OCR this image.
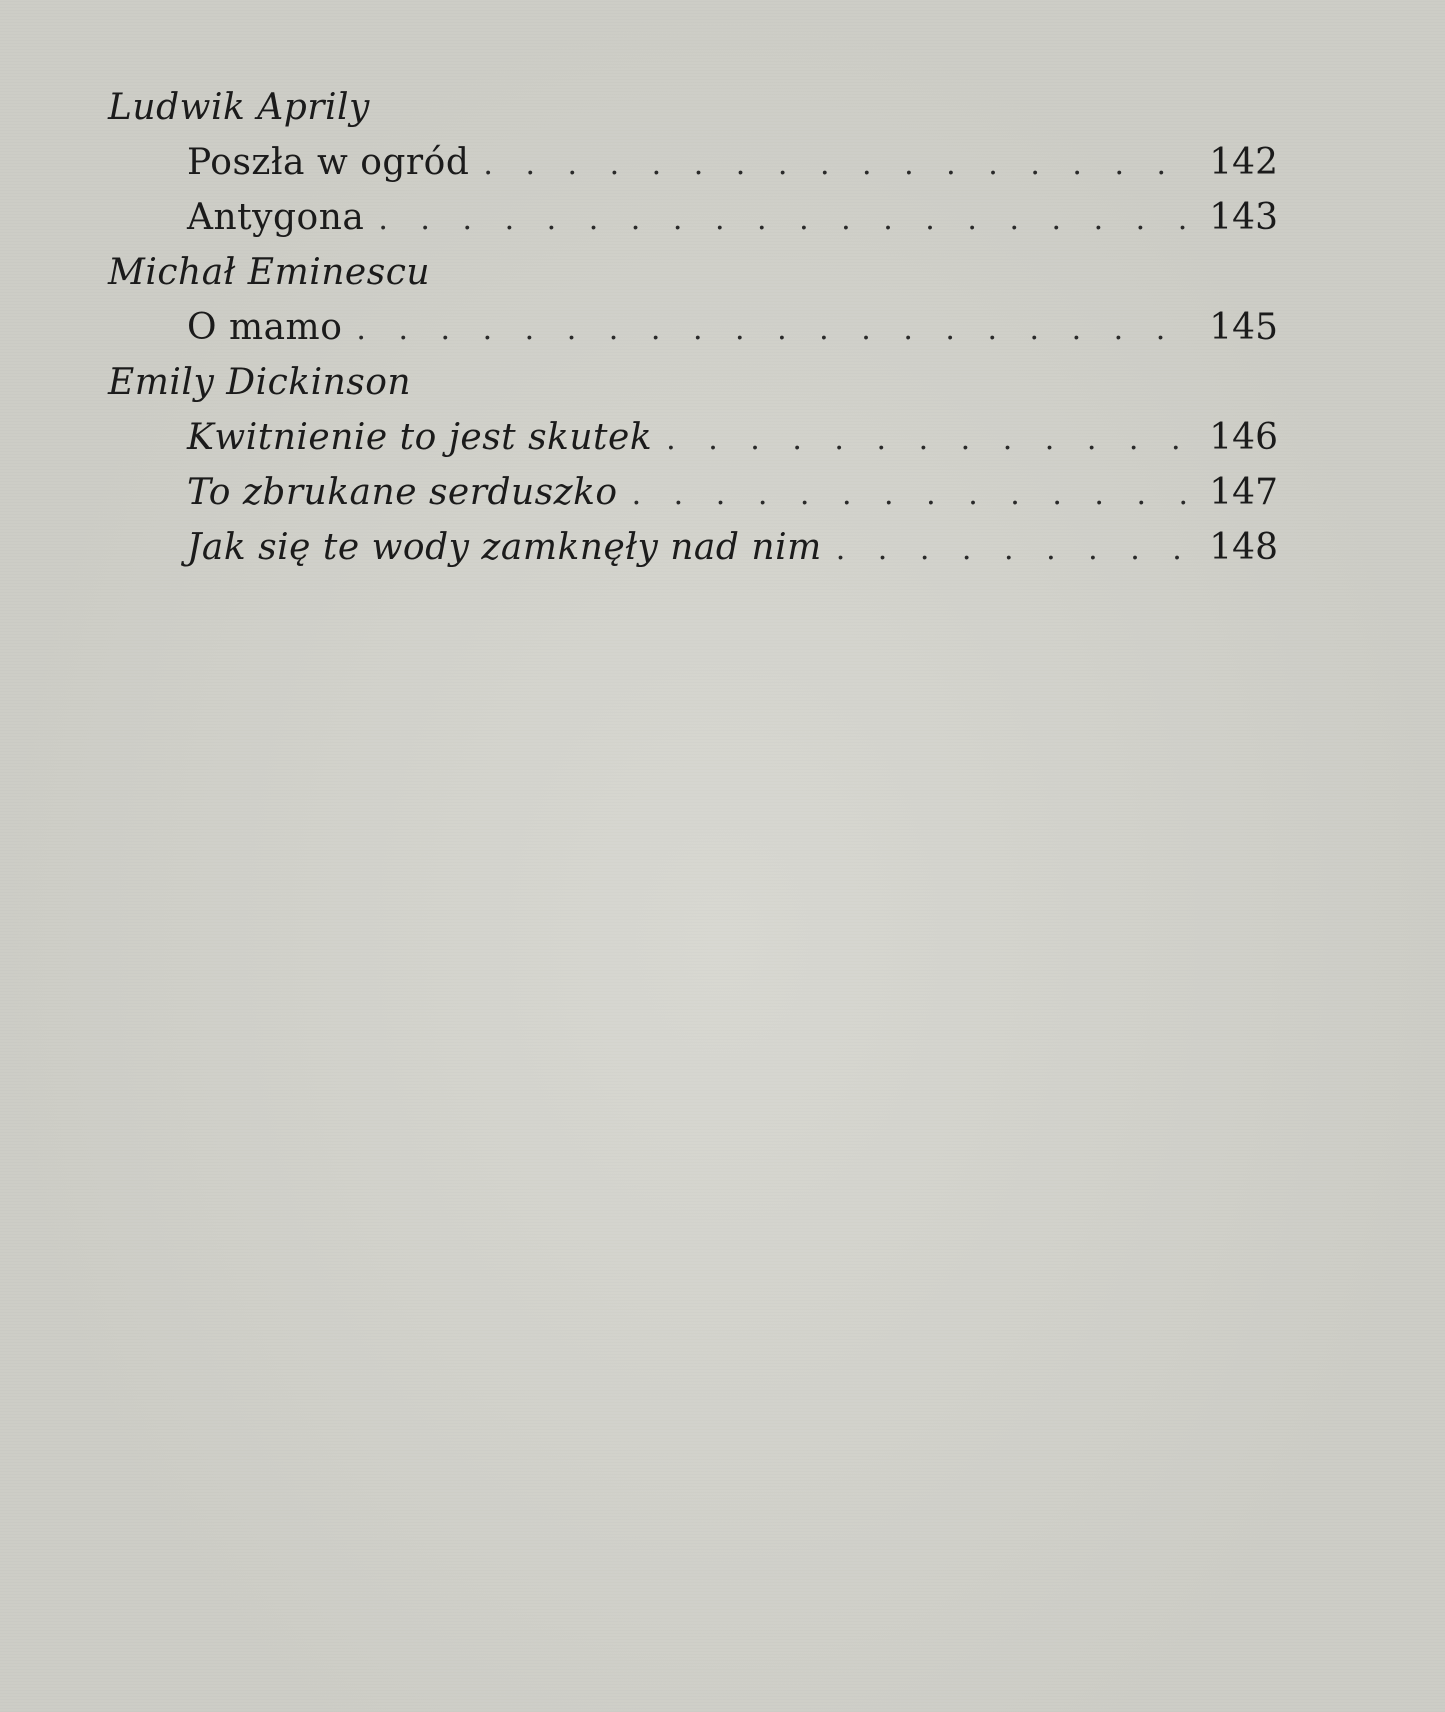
Ludwik Aprily
Poszła w ogród . . .	142
Antygona . . .	143
Michał Eminescu
O mamo . . .	145
Emily Dickinson
Kwitnienie to jest skutek . . .	146
To zbrukane serduszko . . .	147
Jak się te wody zamknęły nad nim . . .	148
